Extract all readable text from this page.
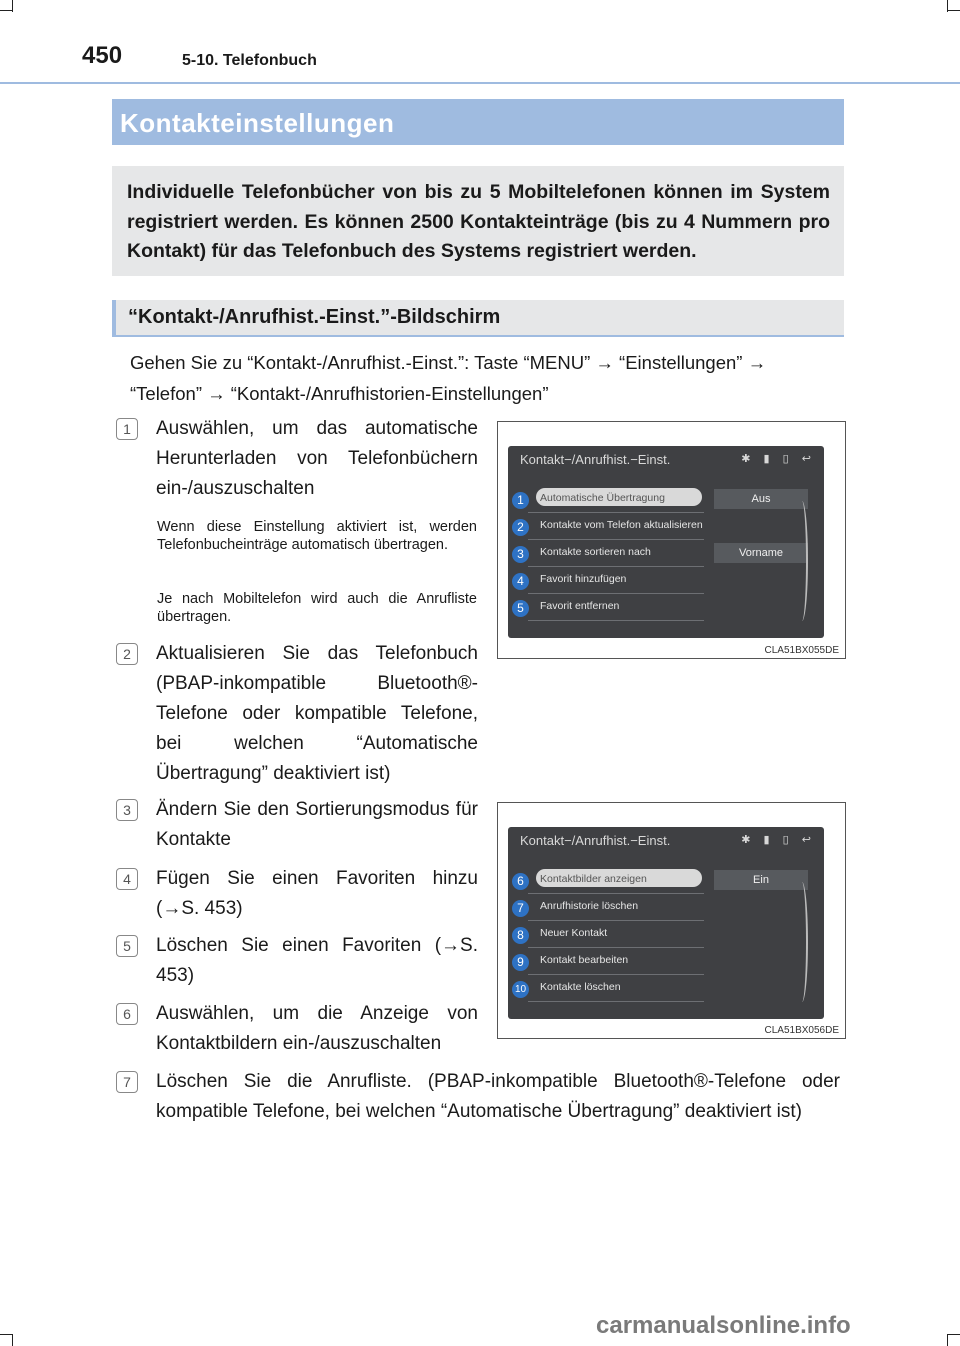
450	5-10. Telefonbuch
Kontakteinstellungen
Individuelle Telefonbücher von bis zu 5 Mobiltelefonen können im System registriert werden. Es können 2500 Kontakteinträge (bis zu 4 Nummern pro Kontakt) für das Telefonbuch des Systems registriert werden.
“Kontakt-/Anrufhist.-Einst.”-Bildschirm
Gehen Sie zu “Kontakt-/Anrufhist.-Einst.”: Taste “MENU” → “Einstellungen” → “Telefon” → “Kontakt-/Anrufhistorien-Einstellungen”
1	Auswählen, um das automatische Herunterladen von Telefonbüchern ein-/auszuschalten
Wenn diese Einstellung aktiviert ist, werden Telefonbucheinträge automatisch übertragen.
Je nach Mobiltelefon wird auch die Anrufliste übertragen.
2	Aktualisieren Sie das Telefonbuch (PBAP-inkompatible Bluetooth®-Telefone oder kompatible Telefone, bei welchen “Automatische Übertragung” deaktiviert ist)
3	Ändern Sie den Sortierungsmodus für Kontakte
4	Fügen Sie einen Favoriten hinzu (→S. 453)
5	Löschen Sie einen Favoriten (→S. 453)
6	Auswählen, um die Anzeige von Kontaktbildern ein-/auszuschalten
7	Löschen Sie die Anrufliste. (PBAP-inkompatible Bluetooth®-Telefone oder kompatible Telefone, bei welchen “Automatische Übertragung” deaktiviert ist)
Kontakt−/Anrufhist.−Einst.	✱ ▮ ▯ ↩
1	Automatische Übertragung	Aus
2	Kontakte vom Telefon aktualisieren
3	Kontakte sortieren nach	Vorname
4	Favorit hinzufügen
5	Favorit entfernen
CLA51BX055DE
Kontakt−/Anrufhist.−Einst.	✱ ▮ ▯ ↩
6	Kontaktbilder anzeigen	Ein
7	Anrufhistorie löschen
8	Neuer Kontakt
9	Kontakt bearbeiten
10 Kontakte löschen
CLA51BX056DE
carmanualsonline.info
